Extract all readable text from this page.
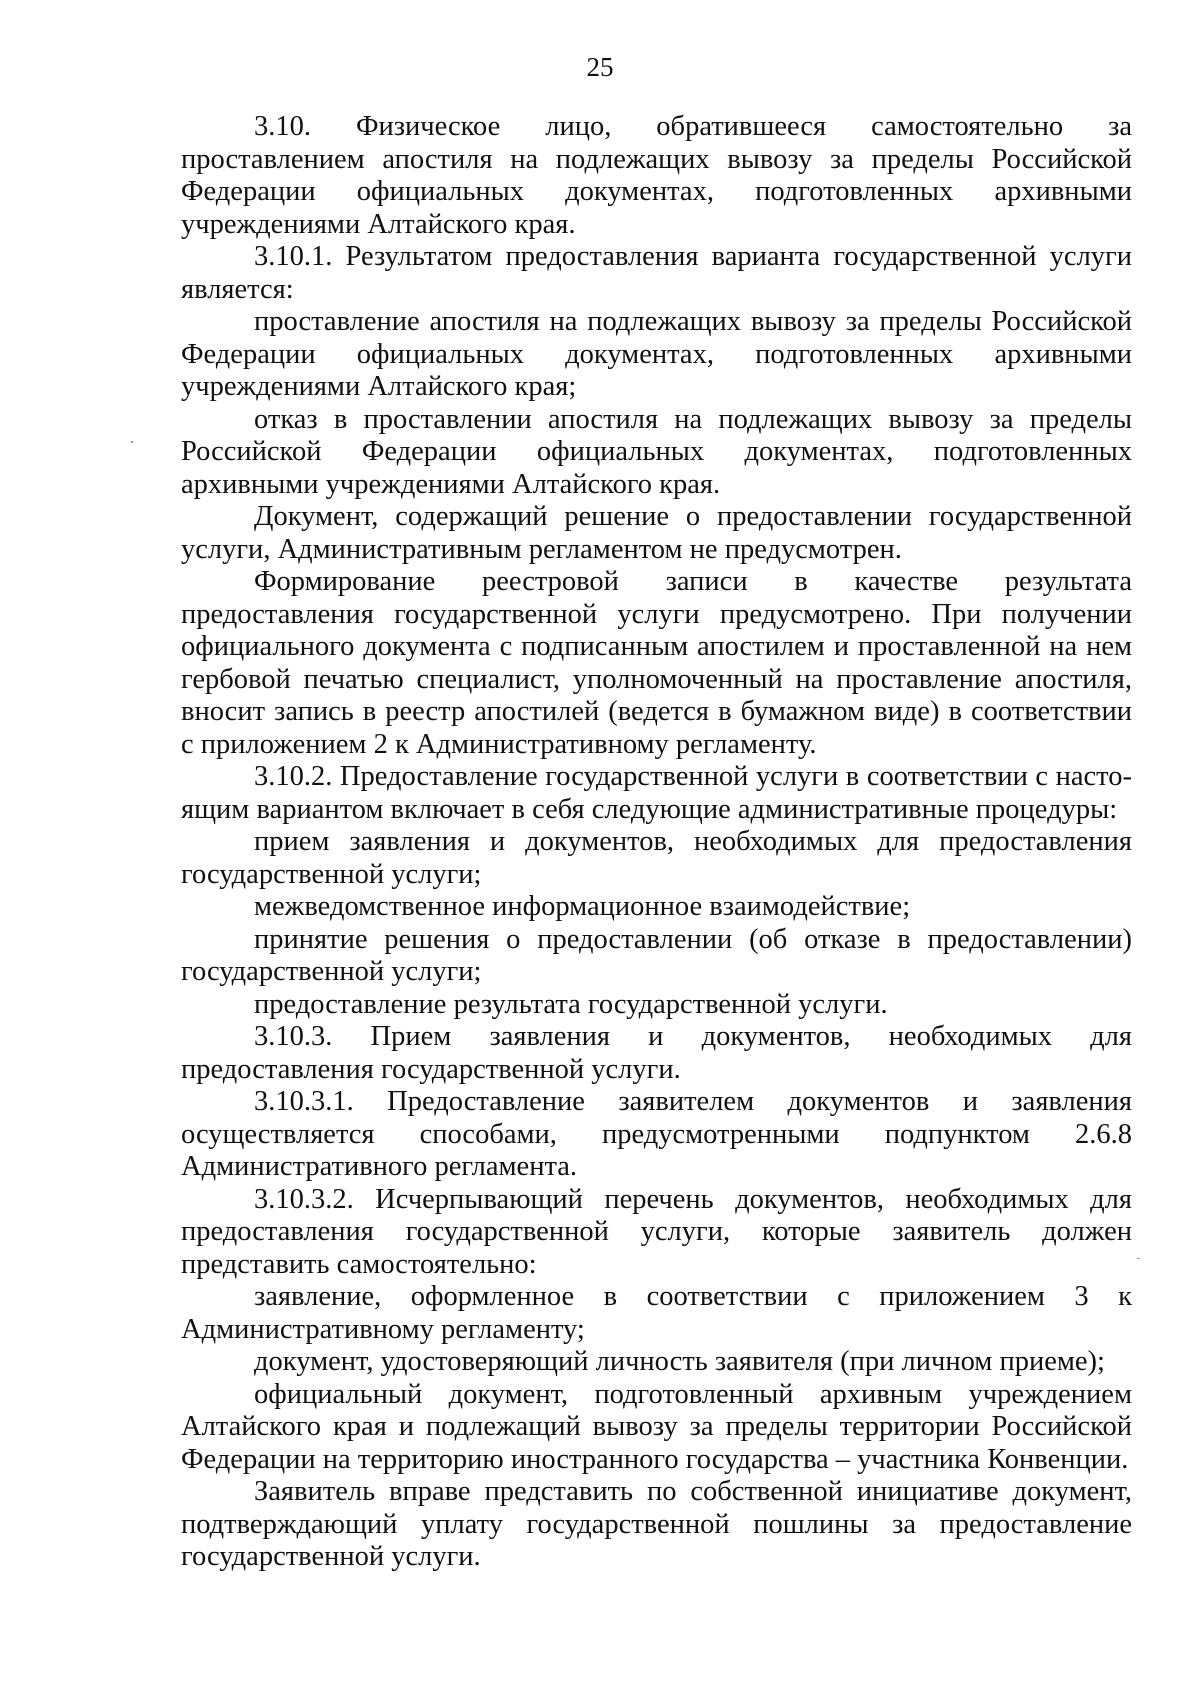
25

3.10. Физическое лицо, обратившееся самостоятельно за проставлением апостиля на подлежащих вывозу за пределы Российской Федерации официальных документах, подготовленных архивными учреждениями Алтайского края.

3.10.1. Результатом предоставления варианта государственной услуги является:

проставление апостиля на подлежащих вывозу за пределы Российской Федерации официальных документах, подготовленных архивными учреждениями Алтайского края;

отказ в проставлении апостиля на подлежащих вывозу за пределы Российской Федерации официальных документах, подготовленных архивными учреждениями Алтайского края.

Документ, содержащий решение о предоставлении государственной услуги, Административным регламентом не предусмотрен.

Формирование реестровой записи в качестве результата предоставления государственной услуги предусмотрено. При получении официального документа с подписанным апостилем и проставленной на нем гербовой печатью специалист, уполномоченный на проставление апостиля, вносит запись в реестр апостилей (ведется в бумажном виде) в соответствии с приложением 2 к Административному регламенту.

3.10.2. Предоставление государственной услуги в соответствии с насто-ящим вариантом включает в себя следующие административные процедуры:

прием заявления и документов, необходимых для предоставления государственной услуги;

межведомственное информационное взаимодействие;

принятие решения о предоставлении (об отказе в предоставлении) государственной услуги;

предоставление результата государственной услуги.

3.10.3. Прием заявления и документов, необходимых для предоставления государственной услуги.

3.10.3.1. Предоставление заявителем документов и заявления осуществляется способами, предусмотренными подпунктом 2.6.8 Административного регламента.

3.10.3.2. Исчерпывающий перечень документов, необходимых для предоставления государственной услуги, которые заявитель должен представить самостоятельно:

заявление, оформленное в соответствии с приложением 3 к Административному регламенту;

документ, удостоверяющий личность заявителя (при личном приеме);

официальный документ, подготовленный архивным учреждением Алтайского края и подлежащий вывозу за пределы территории Российской Федерации на территорию иностранного государства – участника Конвенции.

Заявитель вправе представить по собственной инициативе документ, подтверждающий уплату государственной пошлины за предоставление государственной услуги.
